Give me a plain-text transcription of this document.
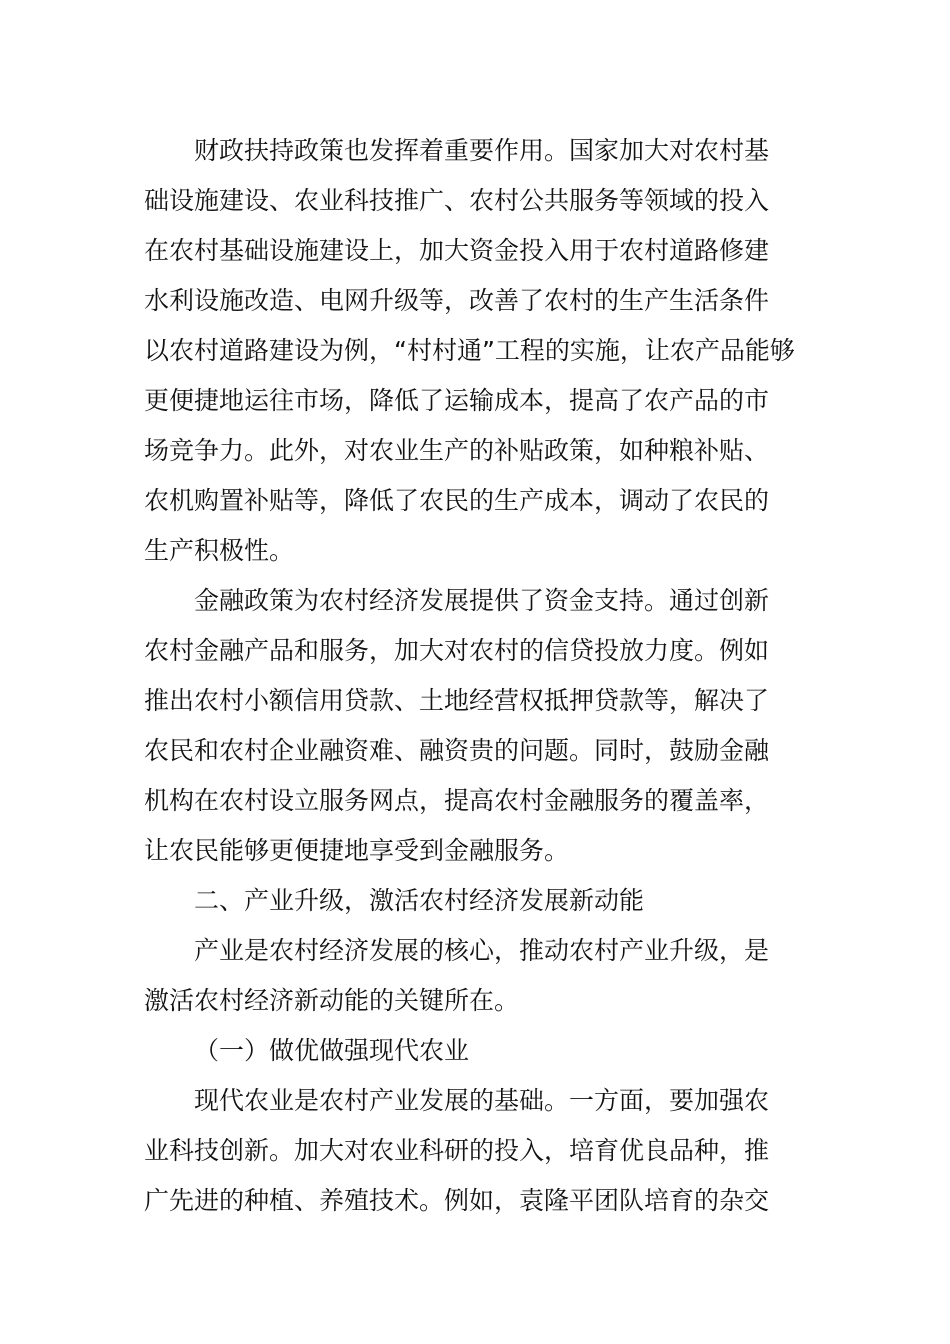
财政扶持政策也发挥着重要作用。国家加大对农村基
础设施建设、农业科技推广、农村公共服务等领域的投入
在农村基础设施建设上，加大资金投入用于农村道路修建
水利设施改造、电网升级等，改善了农村的生产生活条件
以农村道路建设为例，“村村通”工程的实施，让农产品能够
更便捷地运往市场，降低了运输成本，提高了农产品的市
场竞争力。此外，对农业生产的补贴政策，如种粮补贴、
农机购置补贴等，降低了农民的生产成本，调动了农民的
生产积极性。
金融政策为农村经济发展提供了资金支持。通过创新
农村金融产品和服务，加大对农村的信贷投放力度。例如
推出农村小额信用贷款、土地经营权抵押贷款等，解决了
农民和农村企业融资难、融资贵的问题。同时，鼓励金融
机构在农村设立服务网点，提高农村金融服务的覆盖率，
让农民能够更便捷地享受到金融服务。
二、产业升级，激活农村经济发展新动能
产业是农村经济发展的核心，推动农村产业升级，是
激活农村经济新动能的关键所在。
（一）做优做强现代农业
现代农业是农村产业发展的基础。一方面，要加强农
业科技创新。加大对农业科研的投入，培育优良品种，推
广先进的种植、养殖技术。例如，袁隆平团队培育的杂交
